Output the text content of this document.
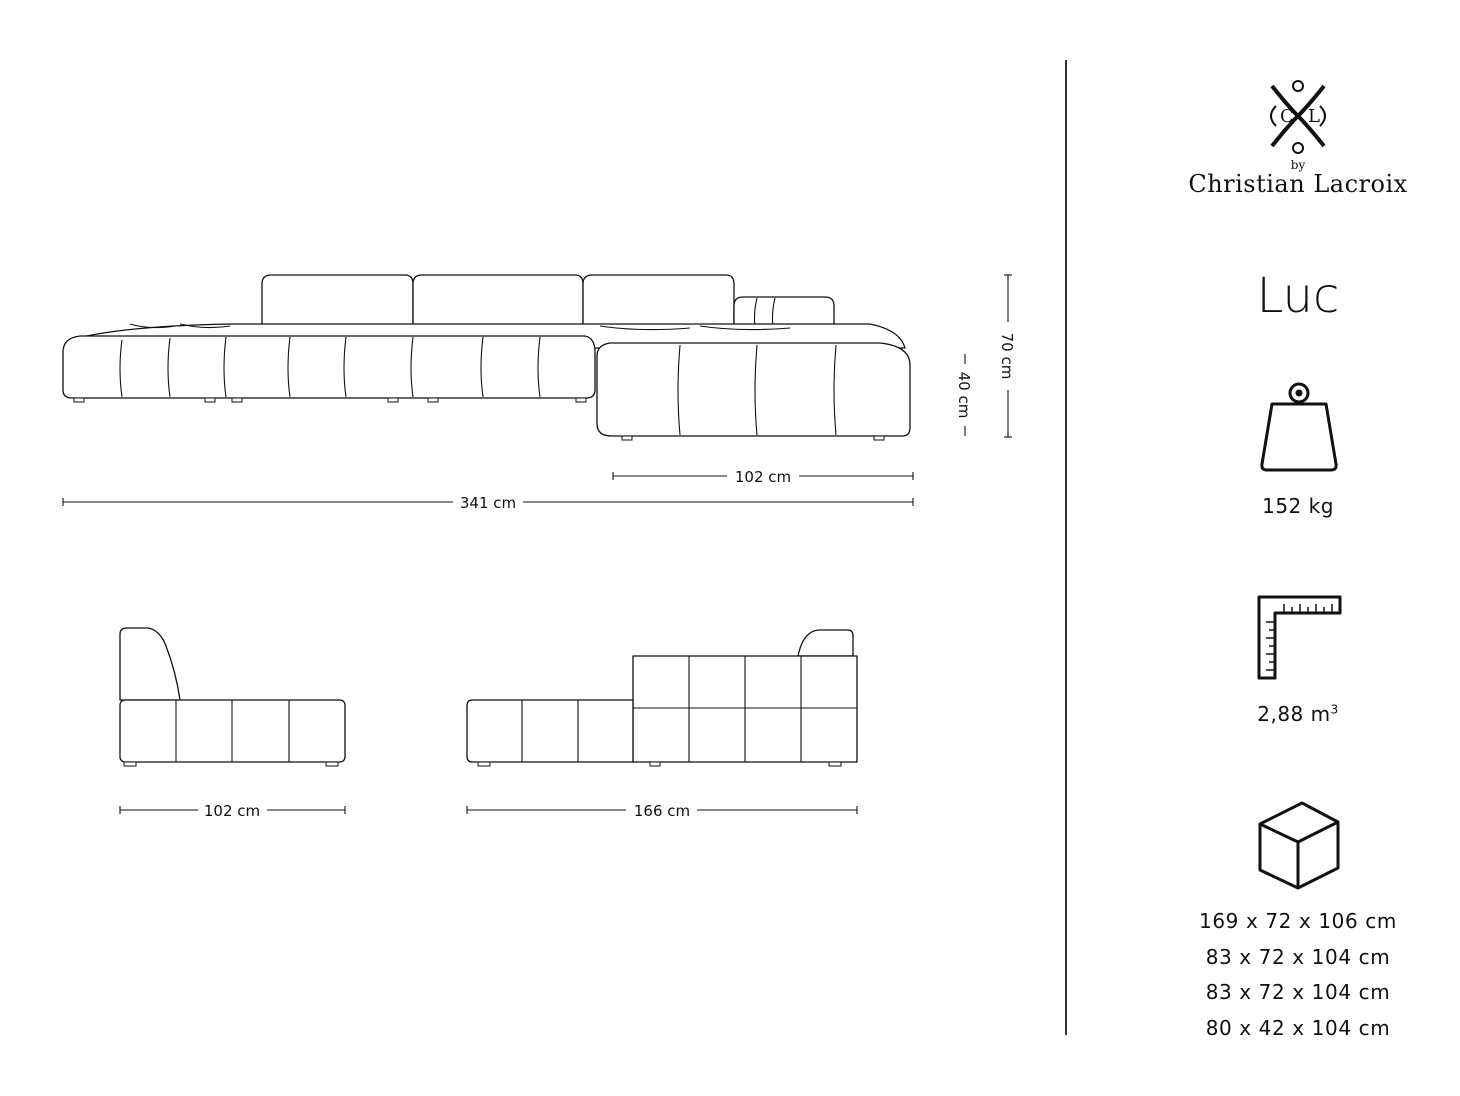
102 cm
341 cm
40 cm
70 cm
102 cm	166 cm
C L
by
Christian Lacroix
Luc
152 kg
2,88 $m^3$
169 x 72 x 106 cm
83 x 72 x 104 cm
83 x 72 x 104 cm
80 x 42 x 104 cm
